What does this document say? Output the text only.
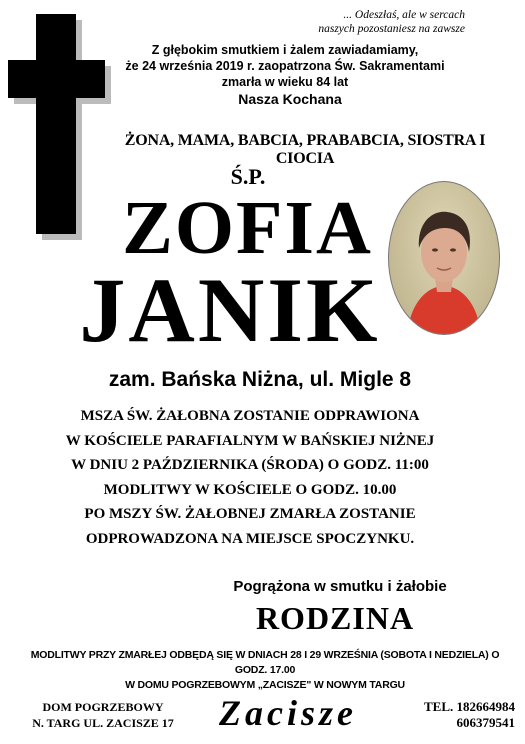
... Odeszłaś, ale w sercach
naszych pozostaniesz na zawsze
Z głębokim smutkiem i żalem zawiadamiamy,
że 24 września 2019 r. zaopatrzona Św. Sakramentami
zmarła w wieku 84 lat
Nasza Kochana
ŻONA, MAMA, BABCIA, PRABABCIA, SIOSTRA I CIOCIA
Ś.P.
ZOFIA
JANIK
zam. Bańska Niżna, ul. Migle 8
MSZA ŚW. ŻAŁOBNA ZOSTANIE ODPRAWIONA
W KOŚCIELE PARAFIALNYM W BAŃSKIEJ NIŻNEJ
W DNIU 2 PAŹDZIERNIKA (ŚRODA) O GODZ. 11:00
MODLITWY W KOŚCIELE O GODZ. 10.00
PO MSZY ŚW. ŻAŁOBNEJ ZMARŁA ZOSTANIE
ODPROWADZONA NA MIEJSCE SPOCZYNKU.
Pogrążona w smutku i żałobie
RODZINA
MODLITWY PRZY ZMARŁEJ ODBĘDĄ SIĘ W DNIACH 28 I 29 WRZEŚNIA (SOBOTA I NEDZIELA) O GODZ. 17.00
W DOMU POGRZEBOWYM „ZACISZE" W NOWYM TARGU
DOM POGRZEBOWY
N. TARG UL. ZACISZE 17	Zacisze	TEL. 182664984
606379541
